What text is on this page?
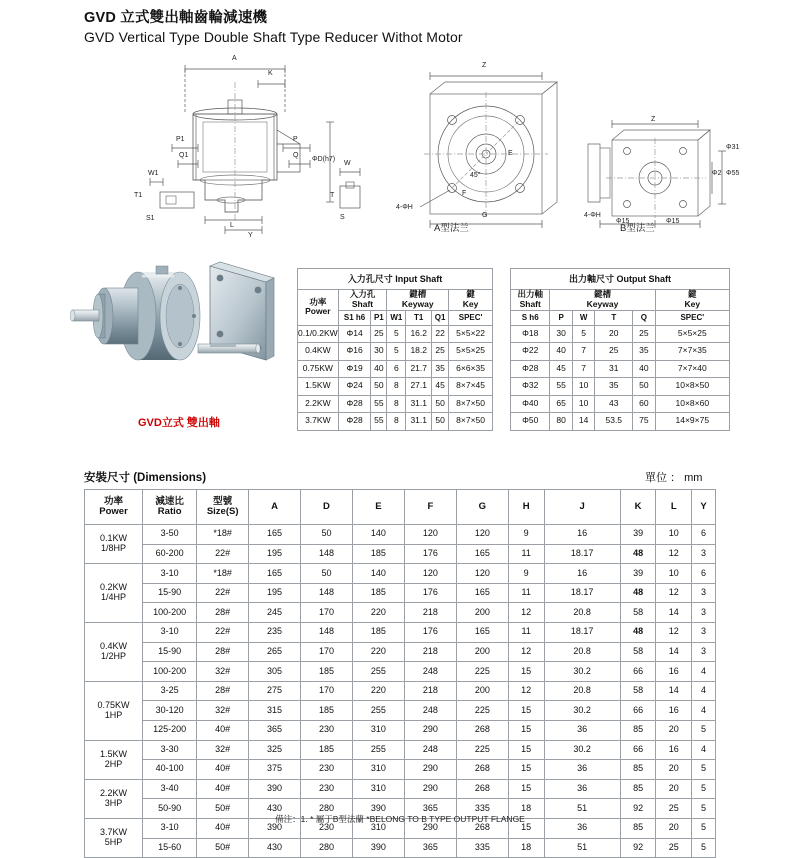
GVD 立式雙出軸齒輪減速機
GVD Vertical Type Double Shaft Type Reducer Withot Motor
A
K
P1
Q1
P
Q
W1
T1
S1
W
T
S
ΦD(h7)
L
Y
Z
E
F
G
45°
4-ΦH
Z
Φ2
Φ31
Φ55
Φ15	Φ15
4-ΦH
A型法兰	B型法兰
GVD立式 雙出軸
入力孔尺寸 Input Shaft						

功率
Power

入力孔
Shaft

鍵槽
Keyway

鍵
Key

	S1 h6	P1	W1	T1	Q1	SPEC'
0.1/0.2KW	Φ14	25	5	16.2	22	5×5×22
0.4KW	Φ16	30	5	18.2	25	5×5×25
0.75KW	Φ19	40	6	21.7	35	6×6×35
1.5KW	Φ24	50	8	27.1	45	8×7×45
2.2KW	Φ28	55	8	31.1	50	8×7×50
3.7KW	Φ28	55	8	31.1	50	8×7×50
出力軸尺寸 Output Shaft					

出力軸
Shaft

鍵槽
Keyway

鍵
Key

S h6	P	W	T	Q	SPEC'
Φ18	30	5	20	25	5×5×25
Φ22	40	7	25	35	7×7×35
Φ28	45	7	31	40	7×7×40
Φ32	55	10	35	50	10×8×50
Φ40	65	10	43	60	10×8×60
Φ50	80	14	53.5	75	14×9×75
安裝尺寸 (Dimensions)	單位 ： mm
功率
Power

減速比
Ratio

型號
Size(S)	A	D	E	F	G	H	J	K	L	Y

0.1KW
1/8HP	3-50	*18#	165	50	140	120	120	9	16	39	10	6
	60-200	22#	195	148	185	176	165	11	18.17	48	12	3

0.2KW
1/4HP	3-10	*18#	165	50	140	120	120	9	16	39	10	6
	15-90	22#	195	148	185	176	165	11	18.17	48	12	3
	100-200	28#	245	170	220	218	200	12	20.8	58	14	3

0.4KW
1/2HP	3-10	22#	235	148	185	176	165	11	18.17	48	12	3
	15-90	28#	265	170	220	218	200	12	20.8	58	14	3
	100-200	32#	305	185	255	248	225	15	30.2	66	16	4

0.75KW
1HP	3-25	28#	275	170	220	218	200	12	20.8	58	14	4
	30-120	32#	315	185	255	248	225	15	30.2	66	16	4
	125-200	40#	365	230	310	290	268	15	36	85	20	5

1.5KW
2HP	3-30	32#	325	185	255	248	225	15	30.2	66	16	4
	40-100	40#	375	230	310	290	268	15	36	85	20	5

2.2KW
3HP	3-40	40#	390	230	310	290	268	15	36	85	20	5
	50-90	50#	430	280	390	365	335	18	51	92	25	5

3.7KW
5HP	3-10	40#	390	230	310	290	268	15	36	85	20	5
	15-60	50#	430	280	390	365	335	18	51	92	25	5
備注：1. * 屬于B型法蘭 *BELONG TO B TYPE OUTPUT FLANGE
